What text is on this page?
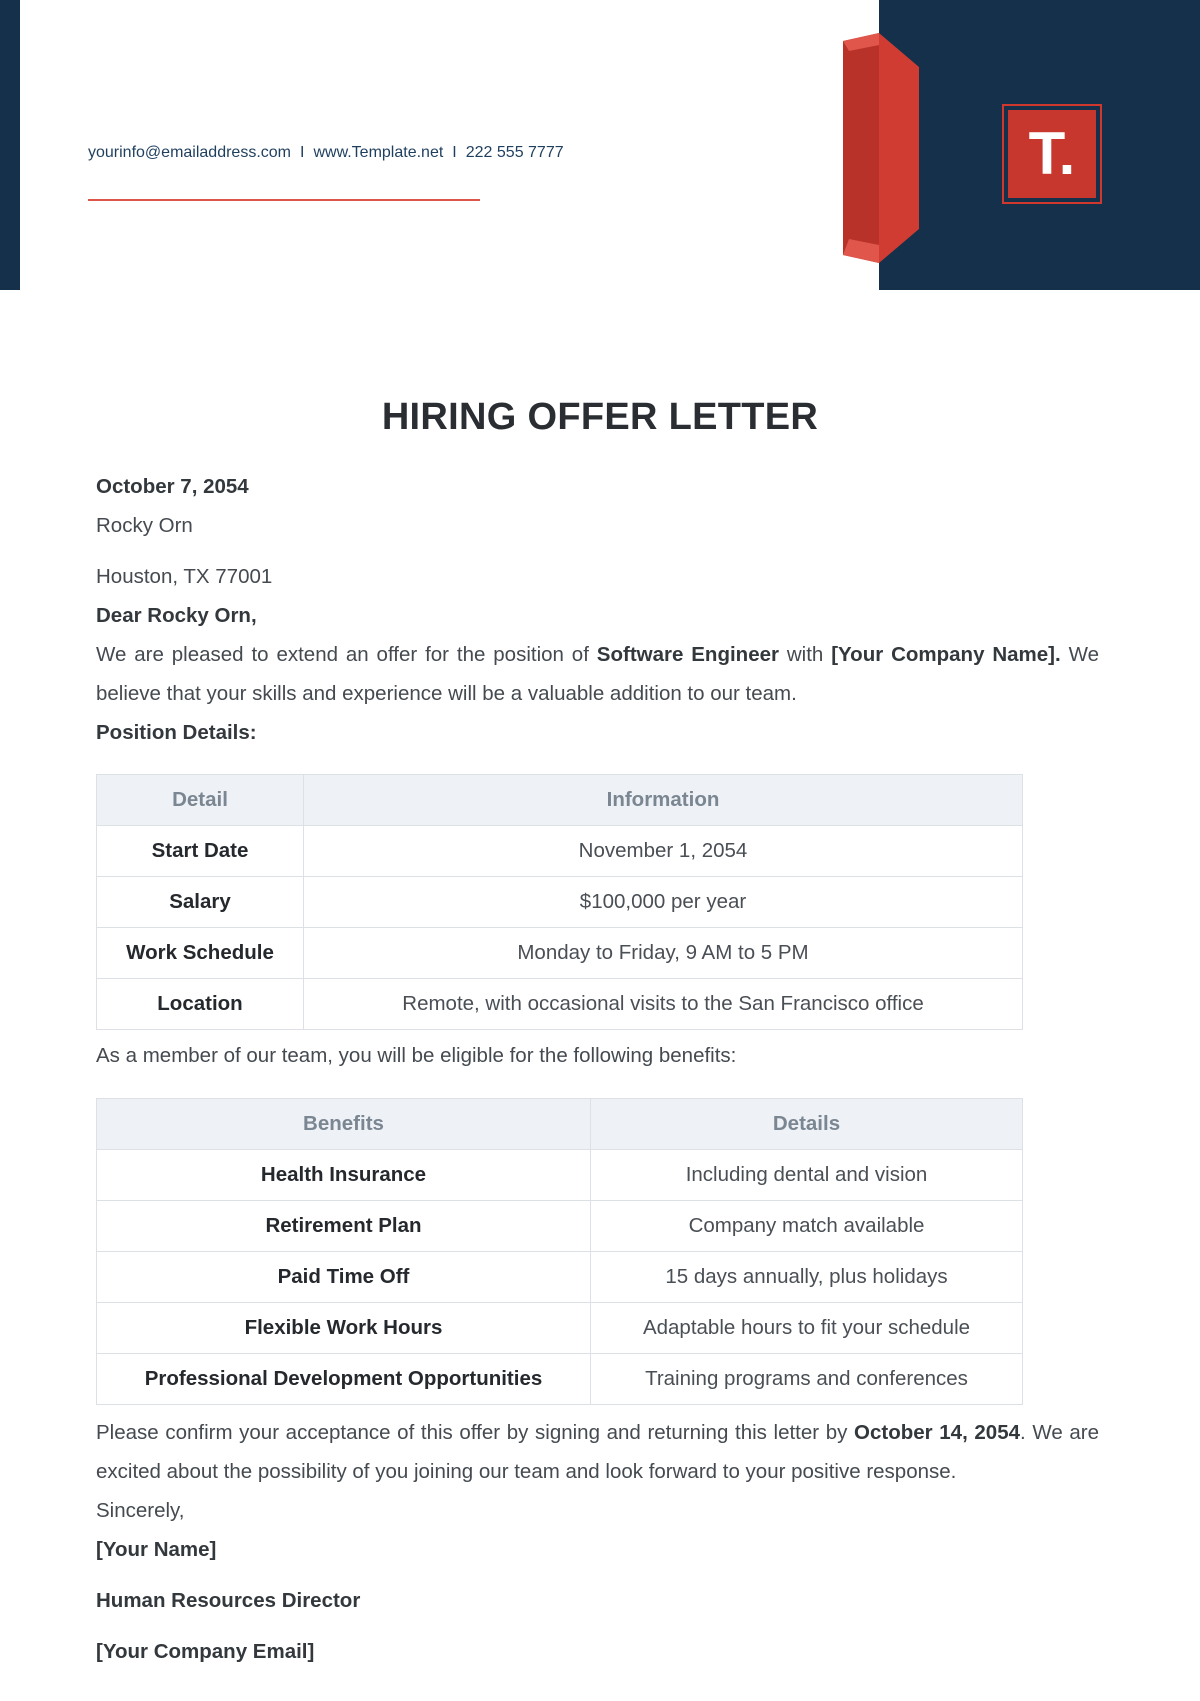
T.
yourinfo@emailaddress.com I www.Template.net I 222 555 7777
HIRING OFFER LETTER
October 7, 2054
Rocky Orn
Houston, TX 77001
Dear Rocky Orn,
We are pleased to extend an offer for the position of Software Engineer with [Your Company Name]. We believe that your skills and experience will be a valuable addition to our team.
Position Details:
Detail	Information
Start Date	November 1, 2054
Salary	$100,000 per year
Work Schedule	Monday to Friday, 9 AM to 5 PM
Location	Remote, with occasional visits to the San Francisco office
As a member of our team, you will be eligible for the following benefits:
Benefits	Details
Health Insurance	Including dental and vision
Retirement Plan	Company match available
Paid Time Off	15 days annually, plus holidays
Flexible Work Hours	Adaptable hours to fit your schedule
Professional Development Opportunities	Training programs and conferences
Please confirm your acceptance of this offer by signing and returning this letter by October 14, 2054. We are excited about the possibility of you joining our team and look forward to your positive response.
Sincerely,
[Your Name]
Human Resources Director
[Your Company Email]
